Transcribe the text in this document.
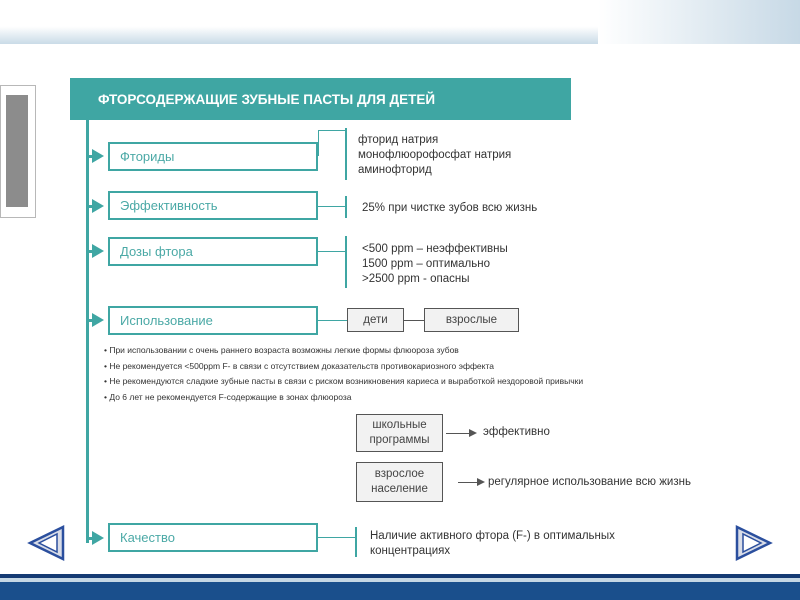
ФТОРСОДЕРЖАЩИЕ ЗУБНЫЕ ПАСТЫ ДЛЯ ДЕТЕЙ
Фториды
фторид натрия
монофлюорофосфат натрия
аминофторид
Эффективность	25% при чистке зубов всю жизнь
Дозы фтора	<500 ppm – неэффективны
1500 ppm – оптимально
>2500 ppm - опасны
Использование	дети	взрослые
• При использовании с очень раннего возраста возможны легкие формы флюороза зубов
• Не рекомендуется <500ppm F- в связи с отсутствием доказательств противокариозного эффекта
• Не рекомендуются сладкие зубные пасты в связи с риском возникновения кариеса и выработкой нездоровой привычки
• До 6 лет не рекомендуется F-содержащие в зонах флюороза
школьные
программы
эффективно
взрослое
население
регулярное использование всю жизнь
Качество	Наличие активного фтора (F-) в оптимальных
концентрациях
